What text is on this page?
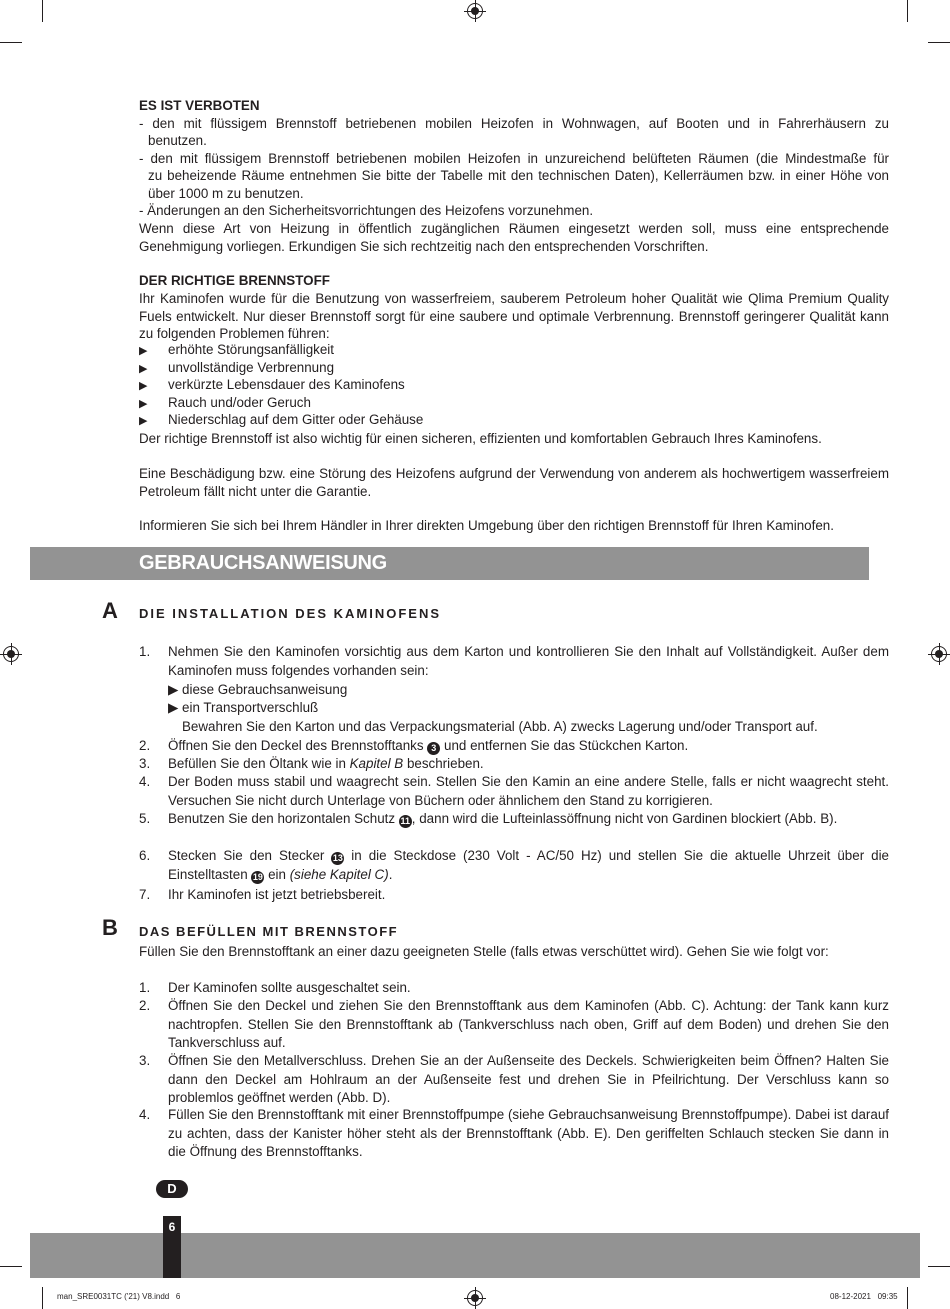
ES IST VERBOTEN
- den mit flüssigem Brennstoff betriebenen mobilen Heizofen in Wohnwagen, auf Booten und in Fahrerhäusern zu
benutzen.
- den mit flüssigem Brennstoff betriebenen mobilen Heizofen in unzureichend belüfteten Räumen (die Mindestmaße für
zu beheizende Räume entnehmen Sie bitte der Tabelle mit den technischen Daten), Kellerräumen bzw. in einer Höhe von
über 1000 m zu benutzen.
- Änderungen an den Sicherheitsvorrichtungen des Heizofens vorzunehmen.
Wenn diese Art von Heizung in öffentlich zugänglichen Räumen eingesetzt werden soll, muss eine entsprechende Genehmigung vorliegen. Erkundigen Sie sich rechtzeitig nach den entsprechenden Vorschriften.
DER RICHTIGE BRENNSTOFF
Ihr Kaminofen wurde für die Benutzung von wasserfreiem, sauberem Petroleum hoher Qualität wie Qlima Premium Quality Fuels entwickelt. Nur dieser Brennstoff sorgt für eine saubere und optimale Verbrennung. Brennstoff geringerer Qualität kann zu folgenden Problemen führen:
▶ erhöhte Störungsanfälligkeit
▶ unvollständige Verbrennung
▶ verkürzte Lebensdauer des Kaminofens
▶ Rauch und/oder Geruch
▶ Niederschlag auf dem Gitter oder Gehäuse
Der richtige Brennstoff ist also wichtig für einen sicheren, effizienten und komfortablen Gebrauch Ihres Kaminofens.
Eine Beschädigung bzw. eine Störung des Heizofens aufgrund der Verwendung von anderem als hochwertigem wasserfreiem Petroleum fällt nicht unter die Garantie.
Informieren Sie sich bei Ihrem Händler in Ihrer direkten Umgebung über den richtigen Brennstoff für Ihren Kaminofen.
GEBRAUCHSANWEISUNG
A DIE INSTALLATION DES KAMINOFENS
1. Nehmen Sie den Kaminofen vorsichtig aus dem Karton und kontrollieren Sie den Inhalt auf Vollständigkeit. Außer dem Kaminofen muss folgendes vorhanden sein:
▶ diese Gebrauchsanweisung
▶ ein Transportverschluß
Bewahren Sie den Karton und das Verpackungsmaterial (Abb. A) zwecks Lagerung und/oder Transport auf.
2. Öffnen Sie den Deckel des Brennstofftanks 3 und entfernen Sie das Stückchen Karton.
3. Befüllen Sie den Öltank wie in Kapitel B beschrieben.
4. Der Boden muss stabil und waagrecht sein. Stellen Sie den Kamin an eine andere Stelle, falls er nicht waagrecht steht. Versuchen Sie nicht durch Unterlage von Büchern oder ähnlichem den Stand zu korrigieren.
5. Benutzen Sie den horizontalen Schutz 11 , dann wird die Lufteinlassöffnung nicht von Gardinen blockiert (Abb. B).
6. Stecken Sie den Stecker 13 in die Steckdose (230 Volt - AC/50 Hz) und stellen Sie die aktuelle Uhrzeit über die Einstelltasten 19 ein (siehe Kapitel C).
7. Ihr Kaminofen ist jetzt betriebsbereit.
B DAS BEFÜLLEN MIT BRENNSTOFF
Füllen Sie den Brennstofftank an einer dazu geeigneten Stelle (falls etwas verschüttet wird). Gehen Sie wie folgt vor:
1. Der Kaminofen sollte ausgeschaltet sein.
2. Öffnen Sie den Deckel und ziehen Sie den Brennstofftank aus dem Kaminofen (Abb. C). Achtung: der Tank kann kurz nachtropfen. Stellen Sie den Brennstofftank ab (Tankverschluss nach oben, Griff auf dem Boden) und drehen Sie den Tankverschluss auf.
3. Öffnen Sie den Metallverschluss. Drehen Sie an der Außenseite des Deckels. Schwierigkeiten beim Öffnen? Halten Sie dann den Deckel am Hohlraum an der Außenseite fest und drehen Sie in Pfeilrichtung. Der Verschluss kann so problemlos geöffnet werden (Abb. D).
4. Füllen Sie den Brennstofftank mit einer Brennstoffpumpe (siehe Gebrauchsanweisung Brennstoffpumpe). Dabei ist darauf zu achten, dass der Kanister höher steht als der Brennstofftank (Abb. E). Den geriffelten Schlauch stecken Sie dann in die Öffnung des Brennstofftanks.
D
6
man_SRE0031TC ('21) V8.indd   6	08-12-2021   09:35
